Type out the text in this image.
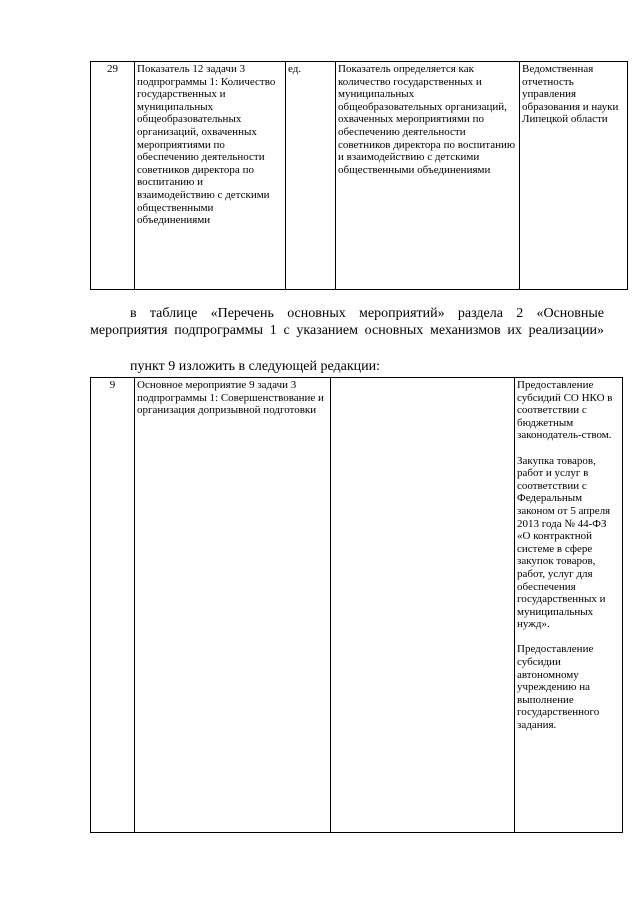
29	Показатель 12 задачи 3 подпрограммы 1: Количество государственных и муниципальных общеобразовательных организаций, охваченных мероприятиями по обеспечению деятельности советников директора по воспитанию и взаимодействию с детскими общественными объединениями	ед.	Показатель определяется как количество государственных и муниципальных общеобразовательных организаций, охваченных мероприятиями по обеспечению деятельности советников директора по воспитанию и взаимодействию с детскими общественными объединениями	Ведомственная отчетность управления образования и науки Липецкой области
в таблице «Перечень основных мероприятий» раздела 2 «Основные мероприятия подпрограммы 1 с указанием основных механизмов их реализации»
пункт 9 изложить в следующей редакции:
9	Основное мероприятие 9 задачи 3 подпрограммы 1: Совершенствование и организация допризывной подготовки		Предоставление субсидий СО НКО в соответствии с бюджетным законодатель-ством.
Закупка товаров, работ и услуг в соответствии с Федеральным законом от 5 апреля 2013 года № 44-ФЗ «О контрактной системе в сфере закупок товаров, работ, услуг для обеспечения государственных и муниципальных нужд».
Предоставление субсидии автономному учреждению на выполнение государственного задания.
